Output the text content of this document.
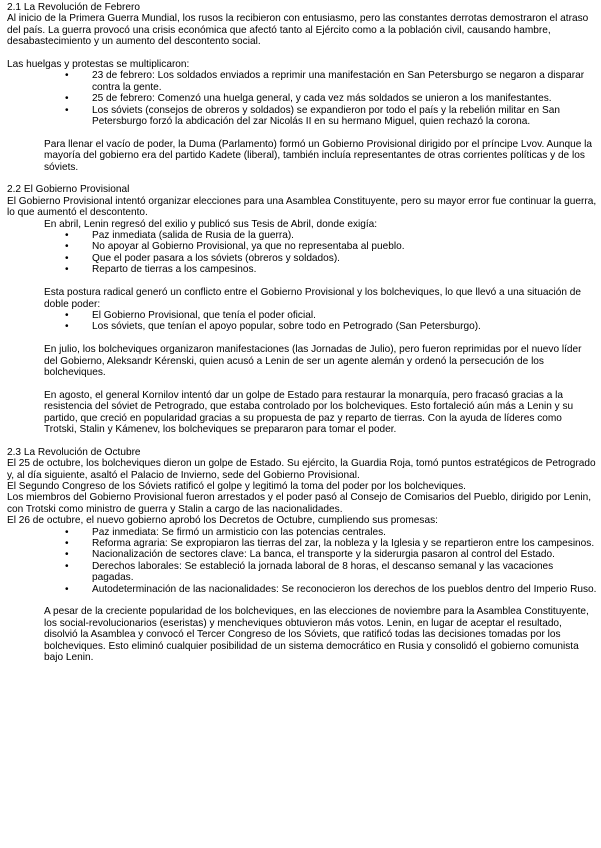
2.1 La Revolución de Febrero

Al inicio de la Primera Guerra Mundial, los rusos la recibieron con entusiasmo, pero las constantes derrotas demostraron el atraso del país. La guerra provocó una crisis económica que afectó tanto al Ejército como a la población civil, causando hambre, desabastecimiento y un aumento del descontento social.

Las huelgas y protestas se multiplicaron:

• 23 de febrero: Los soldados enviados a reprimir una manifestación en San Petersburgo se negaron a disparar contra la gente.
• 25 de febrero: Comenzó una huelga general, y cada vez más soldados se unieron a los manifestantes.
• Los sóviets (consejos de obreros y soldados) se expandieron por todo el país y la rebelión militar en San Petersburgo forzó la abdicación del zar Nicolás II en su hermano Miguel, quien rechazó la corona.

Para llenar el vacío de poder, la Duma (Parlamento) formó un Gobierno Provisional dirigido por el príncipe Lvov. Aunque la mayoría del gobierno era del partido Kadete (liberal), también incluía representantes de otras corrientes políticas y de los sóviets.

2.2 El Gobierno Provisional

El Gobierno Provisional intentó organizar elecciones para una Asamblea Constituyente, pero su mayor error fue continuar la guerra, lo que aumentó el descontento.

En abril, Lenin regresó del exilio y publicó sus Tesis de Abril, donde exigía:

• Paz inmediata (salida de Rusia de la guerra).
• No apoyar al Gobierno Provisional, ya que no representaba al pueblo.
• Que el poder pasara a los sóviets (obreros y soldados).
• Reparto de tierras a los campesinos.

Esta postura radical generó un conflicto entre el Gobierno Provisional y los bolcheviques, lo que llevó a una situación de doble poder:

• El Gobierno Provisional, que tenía el poder oficial.
• Los sóviets, que tenían el apoyo popular, sobre todo en Petrogrado (San Petersburgo).

En julio, los bolcheviques organizaron manifestaciones (las Jornadas de Julio), pero fueron reprimidas por el nuevo líder del Gobierno, Aleksandr Kérenski, quien acusó a Lenin de ser un agente alemán y ordenó la persecución de los bolcheviques.

En agosto, el general Kornilov intentó dar un golpe de Estado para restaurar la monarquía, pero fracasó gracias a la resistencia del sóviet de Petrogrado, que estaba controlado por los bolcheviques. Esto fortaleció aún más a Lenin y su partido, que creció en popularidad gracias a su propuesta de paz y reparto de tierras. Con la ayuda de líderes como Trotski, Stalin y Kámenev, los bolcheviques se prepararon para tomar el poder.

2.3 La Revolución de Octubre

El 25 de octubre, los bolcheviques dieron un golpe de Estado. Su ejército, la Guardia Roja, tomó puntos estratégicos de Petrogrado y, al día siguiente, asaltó el Palacio de Invierno, sede del Gobierno Provisional.

El Segundo Congreso de los Sóviets ratificó el golpe y legitimó la toma del poder por los bolcheviques.

Los miembros del Gobierno Provisional fueron arrestados y el poder pasó al Consejo de Comisarios del Pueblo, dirigido por Lenin, con Trotski como ministro de guerra y Stalin a cargo de las nacionalidades.

El 26 de octubre, el nuevo gobierno aprobó los Decretos de Octubre, cumpliendo sus promesas:

• Paz inmediata: Se firmó un armisticio con las potencias centrales.
• Reforma agraria: Se expropiaron las tierras del zar, la nobleza y la Iglesia y se repartieron entre los campesinos.
• Nacionalización de sectores clave: La banca, el transporte y la siderurgia pasaron al control del Estado.
• Derechos laborales: Se estableció la jornada laboral de 8 horas, el descanso semanal y las vacaciones pagadas.
• Autodeterminación de las nacionalidades: Se reconocieron los derechos de los pueblos dentro del Imperio Ruso.

A pesar de la creciente popularidad de los bolcheviques, en las elecciones de noviembre para la Asamblea Constituyente, los social-revolucionarios (eseristas) y mencheviques obtuvieron más votos. Lenin, en lugar de aceptar el resultado, disolvió la Asamblea y convocó el Tercer Congreso de los Sóviets, que ratificó todas las decisiones tomadas por los bolcheviques. Esto eliminó cualquier posibilidad de un sistema democrático en Rusia y consolidó el gobierno comunista bajo Lenin.
